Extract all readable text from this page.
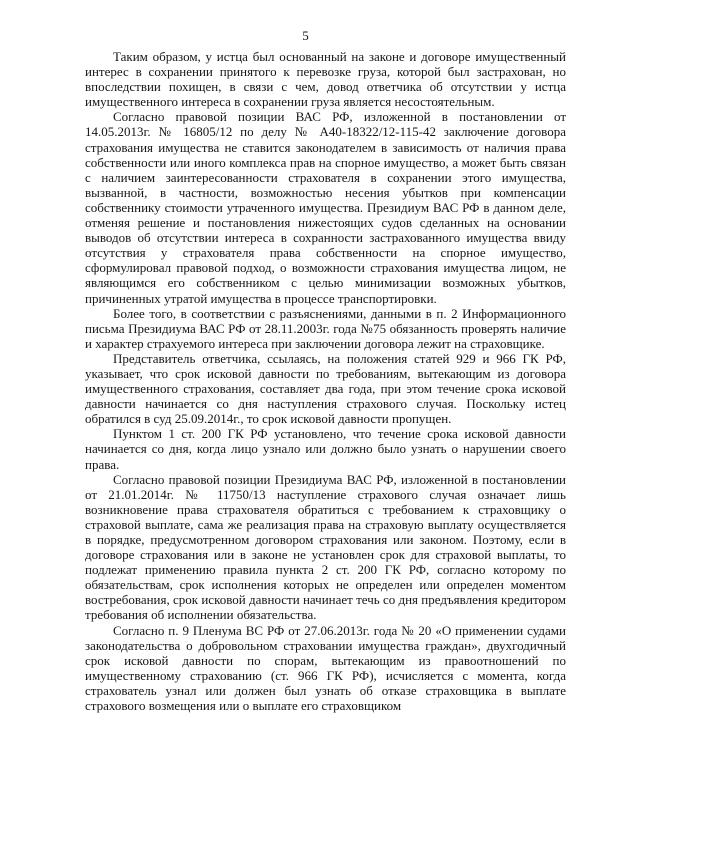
5

Таким образом, у истца был основанный на законе и договоре имущественный интерес в сохранении принятого к перевозке груза, которой был застрахован, но впоследствии похищен, в связи с чем, довод ответчика об отсутствии у истца имущественного интереса в сохранении груза является несостоятельным.

Согласно правовой позиции ВАС РФ, изложенной в постановлении от 14.05.2013г. № 16805/12 по делу № А40-18322/12-115-42 заключение договора страхования имущества не ставится законодателем в зависимость от наличия права собственности или иного комплекса прав на спорное имущество, а может быть связан с наличием заинтересованности страхователя в сохранении этого имущества, вызванной, в частности, возможностью несения убытков при компенсации собственнику стоимости утраченного имущества. Президиум ВАС РФ в данном деле, отменяя решение и постановления нижестоящих судов сделанных на основании выводов об отсутствии интереса в сохранности застрахованного имущества ввиду отсутствия у страхователя права собственности на спорное имущество, сформулировал правовой подход, о возможности страхования имущества лицом, не являющимся его собственником с целью минимизации возможных убытков, причиненных утратой имущества в процессе транспортировки.

Более того, в соответствии с разъяснениями, данными в п. 2 Информационного письма Президиума ВАС РФ от 28.11.2003г. года №75 обязанность проверять наличие и характер страхуемого интереса при заключении договора лежит на страховщике.

Представитель ответчика, ссылаясь, на положения статей 929 и 966 ГК РФ, указывает, что срок исковой давности по требованиям, вытекающим из договора имущественного страхования, составляет два года, при этом течение срока исковой давности начинается со дня наступления страхового случая. Поскольку истец обратился в суд 25.09.2014г., то срок исковой давности пропущен.

Пунктом 1 ст. 200 ГК РФ установлено, что течение срока исковой давности начинается со дня, когда лицо узнало или должно было узнать о нарушении своего права.

Согласно правовой позиции Президиума ВАС РФ, изложенной в постановлении от 21.01.2014г. № 11750/13 наступление страхового случая означает лишь возникновение права страхователя обратиться с требованием к страховщику о страховой выплате, сама же реализация права на страховую выплату осуществляется в порядке, предусмотренном договором страхования или законом. Поэтому, если в договоре страхования или в законе не установлен срок для страховой выплаты, то подлежат применению правила пункта 2 ст. 200 ГК РФ, согласно которому по обязательствам, срок исполнения которых не определен или определен моментом востребования, срок исковой давности начинает течь со дня предъявления кредитором требования об исполнении обязательства.

Согласно п. 9 Пленума ВС РФ от 27.06.2013г. года № 20 «О применении судами законодательства о добровольном страховании имущества граждан», двухгодичный срок исковой давности по спорам, вытекающим из правоотношений по имущественному страхованию (ст. 966 ГК РФ), исчисляется с момента, когда страхователь узнал или должен был узнать об отказе страховщика в выплате страхового возмещения или о выплате его страховщиком
